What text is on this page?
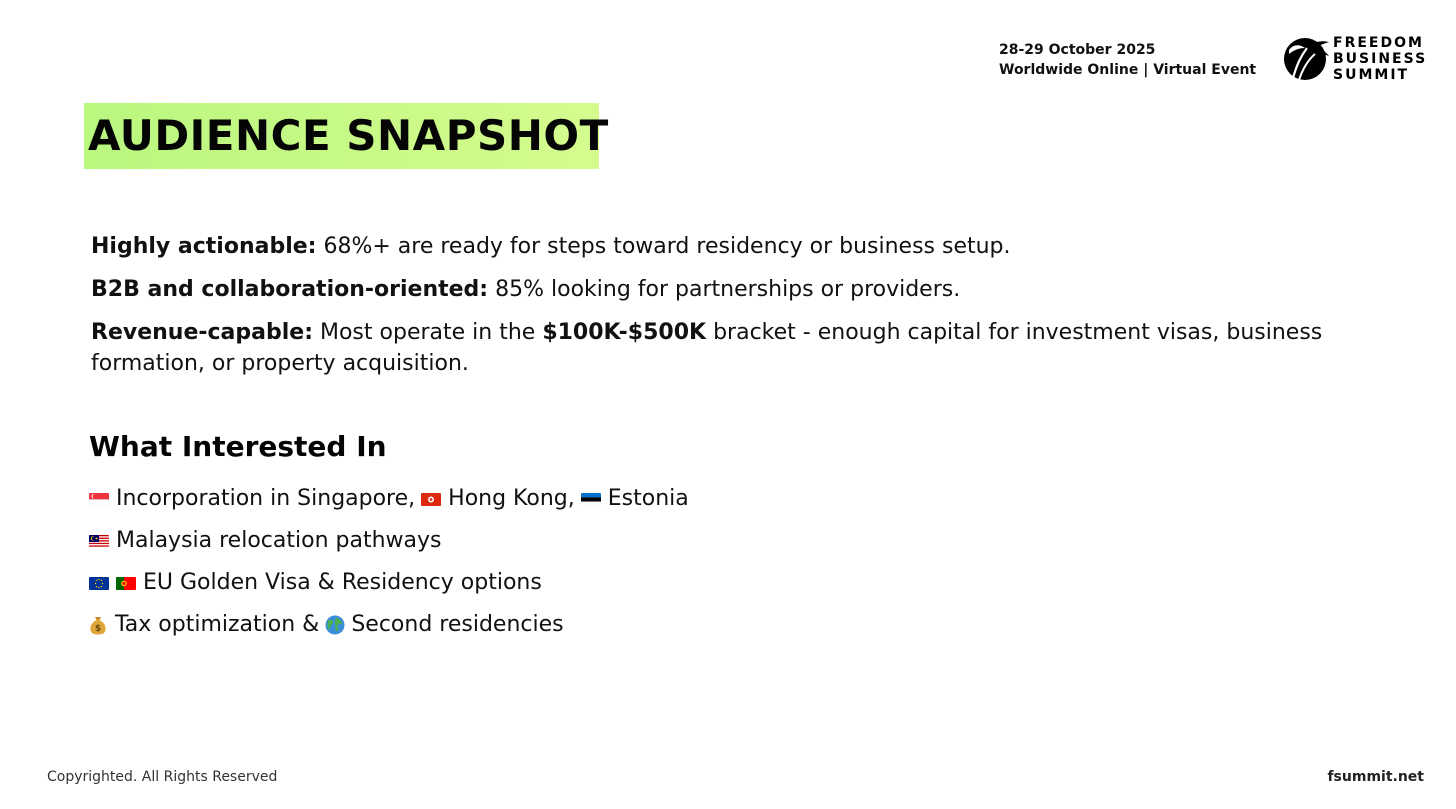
28-29 October 2025
Worldwide Online | Virtual Event
FREEDOM
BUSINESS
SUMMIT
AUDIENCE SNAPSHOT

Highly actionable: 68%+ are ready for steps toward residency or business setup.

B2B and collaboration-oriented: 85% looking for partnerships or providers.

Revenue-capable: Most operate in the $100K-$500K bracket - enough capital for investment visas, business formation, or property acquisition.

What Interested In
Incorporation in Singapore, Hong Kong, Estonia
Malaysia relocation pathways
EU Golden Visa & Residency options
$ Tax optimization & Second residencies
Copyrighted. All Rights Reserved	fsummit.net
